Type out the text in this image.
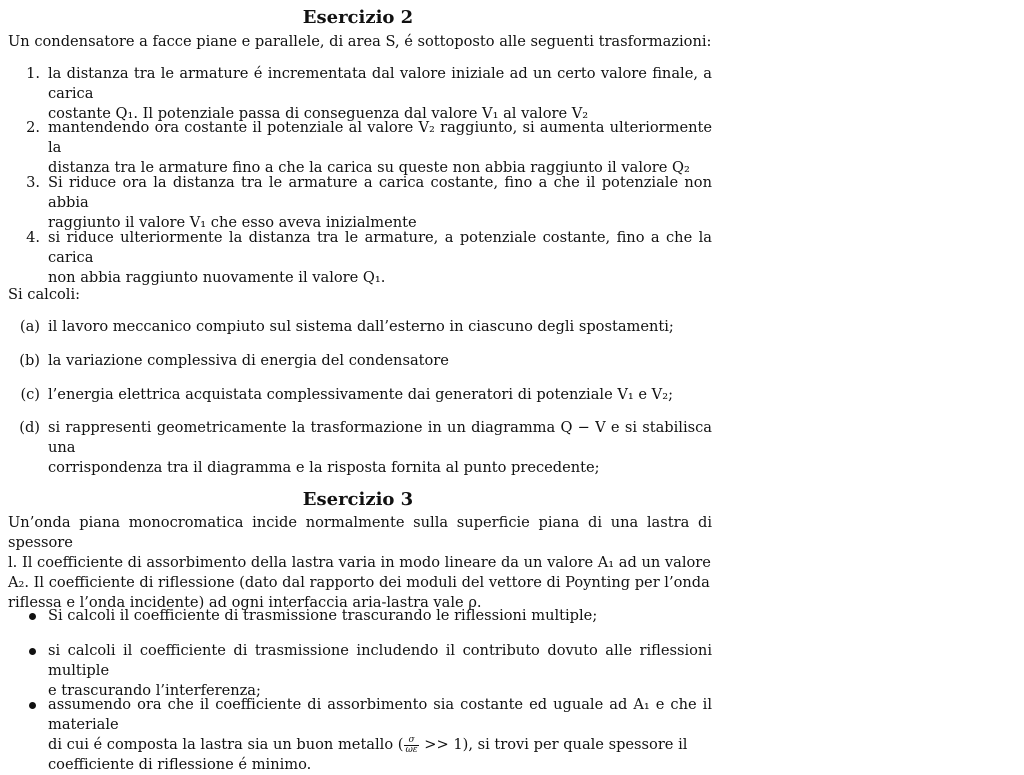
Esercizio 2

Un condensatore a facce piane e parallele, di area S, é sottoposto alle seguenti trasformazioni:

1. la distanza tra le armature é incrementata dal valore iniziale ad un certo valore finale, a carica
costante Q₁. Il potenziale passa di conseguenza dal valore V₁ al valore V₂
2. mantendendo ora costante il potenziale al valore V₂ raggiunto, si aumenta ulteriormente la
distanza tra le armature fino a che la carica su queste non abbia raggiunto il valore Q₂
3. Si riduce ora la distanza tra le armature a carica costante, fino a che il potenziale non abbia
raggiunto il valore V₁ che esso aveva inizialmente
4. si riduce ulteriormente la distanza tra le armature, a potenziale costante, fino a che la carica
non abbia raggiunto nuovamente il valore Q₁.

Si calcoli:

(a) il lavoro meccanico compiuto sul sistema dall’esterno in ciascuno degli spostamenti;
(b) la variazione complessiva di energia del condensatore
(c) l’energia elettrica acquistata complessivamente dai generatori di potenziale V₁ e V₂;
(d) si rappresenti geometricamente la trasformazione in un diagramma Q − V e si stabilisca una
corrispondenza tra il diagramma e la risposta fornita al punto precedente;
Esercizio 3
Un’onda piana monocromatica incide normalmente sulla superficie piana di una lastra di spessore
l. Il coefficiente di assorbimento della lastra varia in modo lineare da un valore A₁ ad un valore
A₂. Il coefficiente di riflessione (dato dal rapporto dei moduli del vettore di Poynting per l’onda
riflessa e l’onda incidente) ad ogni interfaccia aria-lastra vale ρ.
Si calcoli il coefficiente di trasmissione trascurando le riflessioni multiple;
si calcoli il coefficiente di trasmissione includendo il contributo dovuto alle riflessioni multiple
e trascurando l’interferenza;
assumendo ora che il coefficiente di assorbimento sia costante ed uguale ad A₁ e che il materiale
di cui é composta la lastra sia un buon metallo ( $\frac{\sigma}{\omega\varepsilon} >> 1$), si trovi per quale spessore il
coefficiente di riflessione é minimo.
